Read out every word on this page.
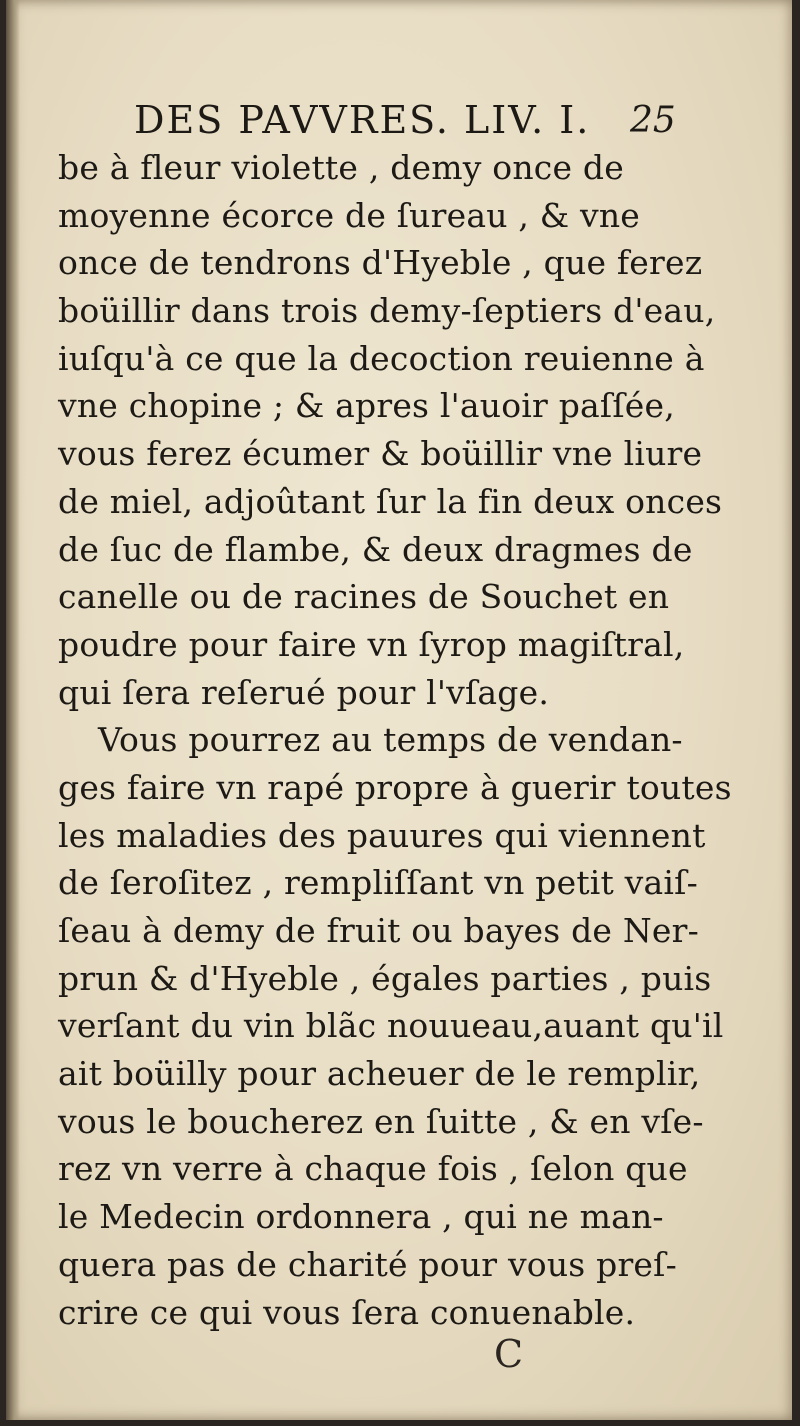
DES PAVVRES. LIV. I. 25
be à fleur violette , demy once de
moyenne écorce de ſureau , & vne
once de tendrons d'Hyeble , que ferez
boüillir dans trois demy-ſeptiers d'eau,
iuſqu'à ce que la decoction reuienne à
vne chopine ; & apres l'auoir paſſée,
vous ferez écumer & boüillir vne liure
de miel, adjoûtant ſur la fin deux onces
de ſuc de flambe, & deux dragmes de
canelle ou de racines de Souchet en
poudre pour faire vn ſyrop magiſtral,
qui ſera reſerué pour l'vſage.
Vous pourrez au temps de vendan-
ges faire vn rapé propre à guerir toutes
les maladies des pauures qui viennent
de ſeroſitez , rempliſſant vn petit vaiſ-
ſeau à demy de fruit ou bayes de Ner-
prun & d'Hyeble , égales parties , puis
verſant du vin blãc nouueau,auant qu'il
ait boüilly pour acheuer de le remplir,
vous le boucherez en ſuitte , & en vſe-
rez vn verre à chaque fois , ſelon que
le Medecin ordonnera , qui ne man-
quera pas de charité pour vous preſ-
crire ce qui vous ſera conuenable.
C
